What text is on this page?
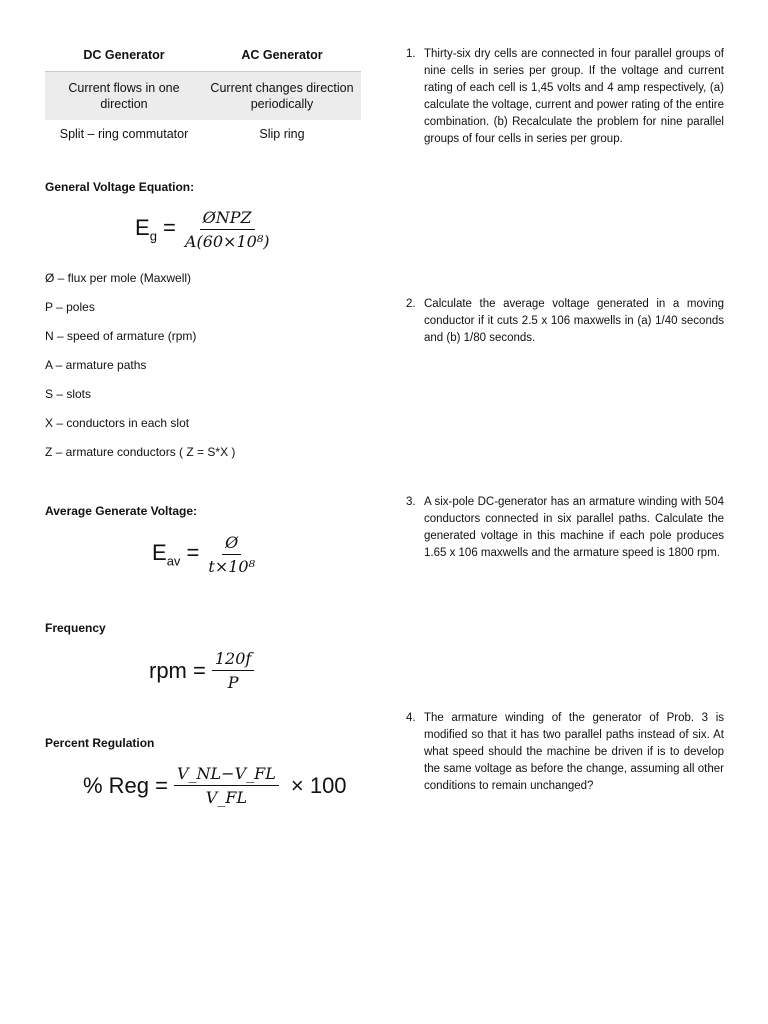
DC Generator	AC Generator
Current flows in one direction
Current changes direction periodically
Split – ring commutator	Slip ring
General Voltage Equation:
$E_g = \frac{\text{ØNPZ}}{\text{A(60×10⁸)}}$
Ø – flux per mole (Maxwell)
P – poles
N – speed of armature (rpm)
A – armature paths
S – slots
X – conductors in each slot
Z – armature conductors ( Z = S*X )
Average Generate Voltage:
$E_{av} = \frac{Ø}{\text{t×10⁸}}$
Frequency
rpm = $\frac{120f}{P}$
Percent Regulation
% Reg = $\frac{V\_NL-V\_FL}{V\_FL} \times 100$
1. Thirty-six dry cells are connected in four parallel groups of nine cells in series per group. If the voltage and current rating of each cell is 1,45 volts and 4 amp respectively, (a) calculate the voltage, current and power rating of the entire combination. (b) Recalculate the problem for nine parallel groups of four cells in series per group.
2. Calculate the average voltage generated in a moving conductor if it cuts 2.5 x 106 maxwells in (a) 1/40 seconds and (b) 1/80 seconds.
3. A six-pole DC-generator has an armature winding with 504 conductors connected in six parallel paths. Calculate the generated voltage in this machine if each pole produces 1.65 x 106 maxwells and the armature speed is 1800 rpm.
4. The armature winding of the generator of Prob. 3 is modified so that it has two parallel paths instead of six. At what speed should the machine be driven if is to develop the same voltage as before the change, assuming all other conditions to remain unchanged?
